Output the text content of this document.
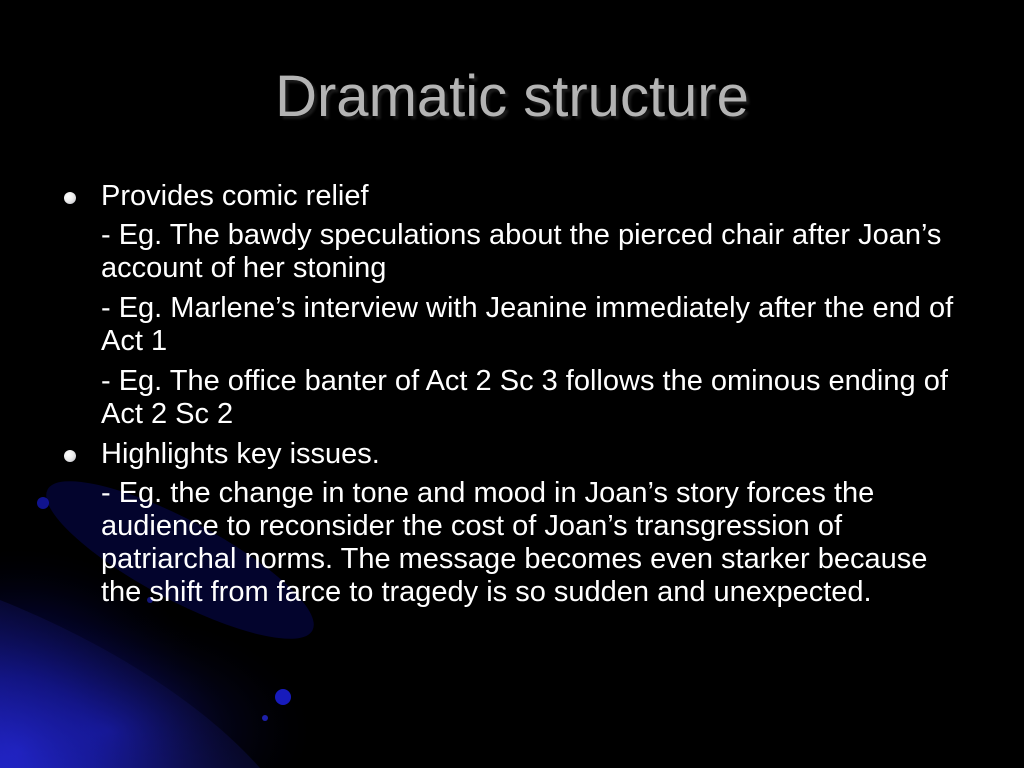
Dramatic structure
Provides comic relief
- Eg. The bawdy speculations about the pierced chair after Joan’s account of her stoning
- Eg. Marlene’s interview with Jeanine immediately after the end of Act 1
- Eg. The office banter of Act 2 Sc 3 follows the ominous ending of Act 2 Sc 2
Highlights key issues.
- Eg. the change in tone and mood in Joan’s story forces the audience to reconsider the cost of Joan’s transgression of patriarchal norms. The message becomes even starker because the shift from farce to tragedy is so sudden and unexpected.
